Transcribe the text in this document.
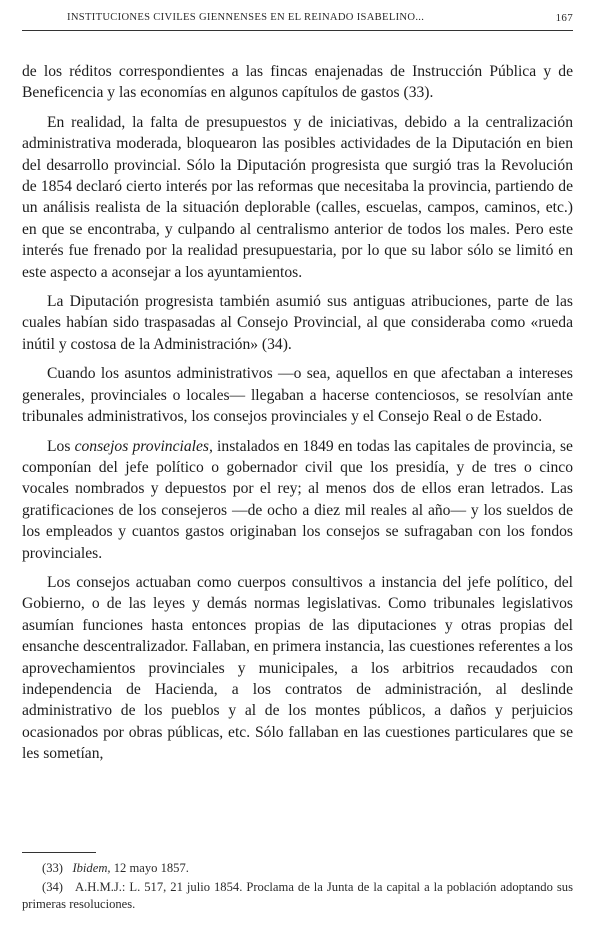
INSTITUCIONES CIVILES GIENNENSES EN EL REINADO ISABELINO...	167

de los réditos correspondientes a las fincas enajenadas de Instrucción Pública y de Beneficencia y las economías en algunos capítulos de gastos (33).

En realidad, la falta de presupuestos y de iniciativas, debido a la centralización administrativa moderada, bloquearon las posibles actividades de la Diputación en bien del desarrollo provincial. Sólo la Diputación progresista que surgió tras la Revolución de 1854 declaró cierto interés por las reformas que necesitaba la provincia, partiendo de un análisis realista de la situación deplorable (calles, escuelas, campos, caminos, etc.) en que se encontraba, y culpando al centralismo anterior de todos los males. Pero este interés fue frenado por la realidad presupuestaria, por lo que su labor sólo se limitó en este aspecto a aconsejar a los ayuntamientos.

La Diputación progresista también asumió sus antiguas atribuciones, parte de las cuales habían sido traspasadas al Consejo Provincial, al que consideraba como «rueda inútil y costosa de la Administración» (34).

Cuando los asuntos administrativos —o sea, aquellos en que afectaban a intereses generales, provinciales o locales— llegaban a hacerse contenciosos, se resolvían ante tribunales administrativos, los consejos provinciales y el Consejo Real o de Estado.

Los consejos provinciales, instalados en 1849 en todas las capitales de provincia, se componían del jefe político o gobernador civil que los presidía, y de tres o cinco vocales nombrados y depuestos por el rey; al menos dos de ellos eran letrados. Las gratificaciones de los consejeros —de ocho a diez mil reales al año— y los sueldos de los empleados y cuantos gastos originaban los consejos se sufragaban con los fondos provinciales.

Los consejos actuaban como cuerpos consultivos a instancia del jefe político, del Gobierno, o de las leyes y demás normas legislativas. Como tribunales legislativos asumían funciones hasta entonces propias de las diputaciones y otras propias del ensanche descentralizador. Fallaban, en primera instancia, las cuestiones referentes a los aprovechamientos provinciales y municipales, a los arbitrios recaudados con independencia de Hacienda, a los contratos de administración, al deslinde administrativo de los pueblos y al de los montes públicos, a daños y perjuicios ocasionados por obras públicas, etc. Sólo fallaban en las cuestiones particulares que se les sometían,

(33) Ibidem, 12 mayo 1857.

(34) A.H.M.J.: L. 517, 21 julio 1854. Proclama de la Junta de la capital a la población adoptando sus primeras resoluciones.
